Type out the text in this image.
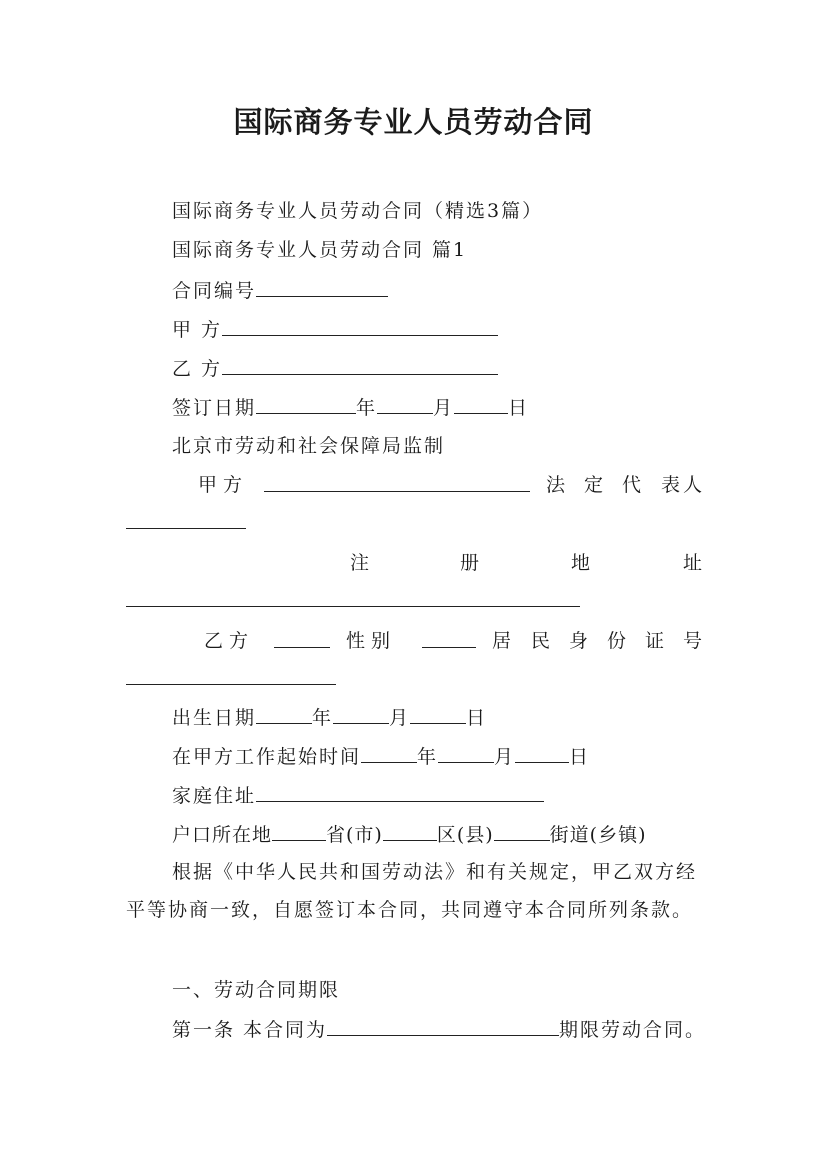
国际商务专业人员劳动合同
国际商务专业人员劳动合同（精选3篇）
国际商务专业人员劳动合同 篇1
合同编号
甲 方
乙 方
签订日期	年	月	日
北京市劳动和社会保障局监制
甲 方	法 定 代 表 人
注	册	地	址
乙 方	性 别	居 民 身 份 证 号
出生日期	年	月	日
在甲方工作起始时间	年	月	日
家庭住址
户口所在地	省(市)	区(县)	街道(乡镇)
根据《中华人民共和国劳动法》和有关规定，甲乙双方经平等协商一致，自愿签订本合同，共同遵守本合同所列条款。
一、劳动合同期限
第一条 本合同为	期限劳动合同。
